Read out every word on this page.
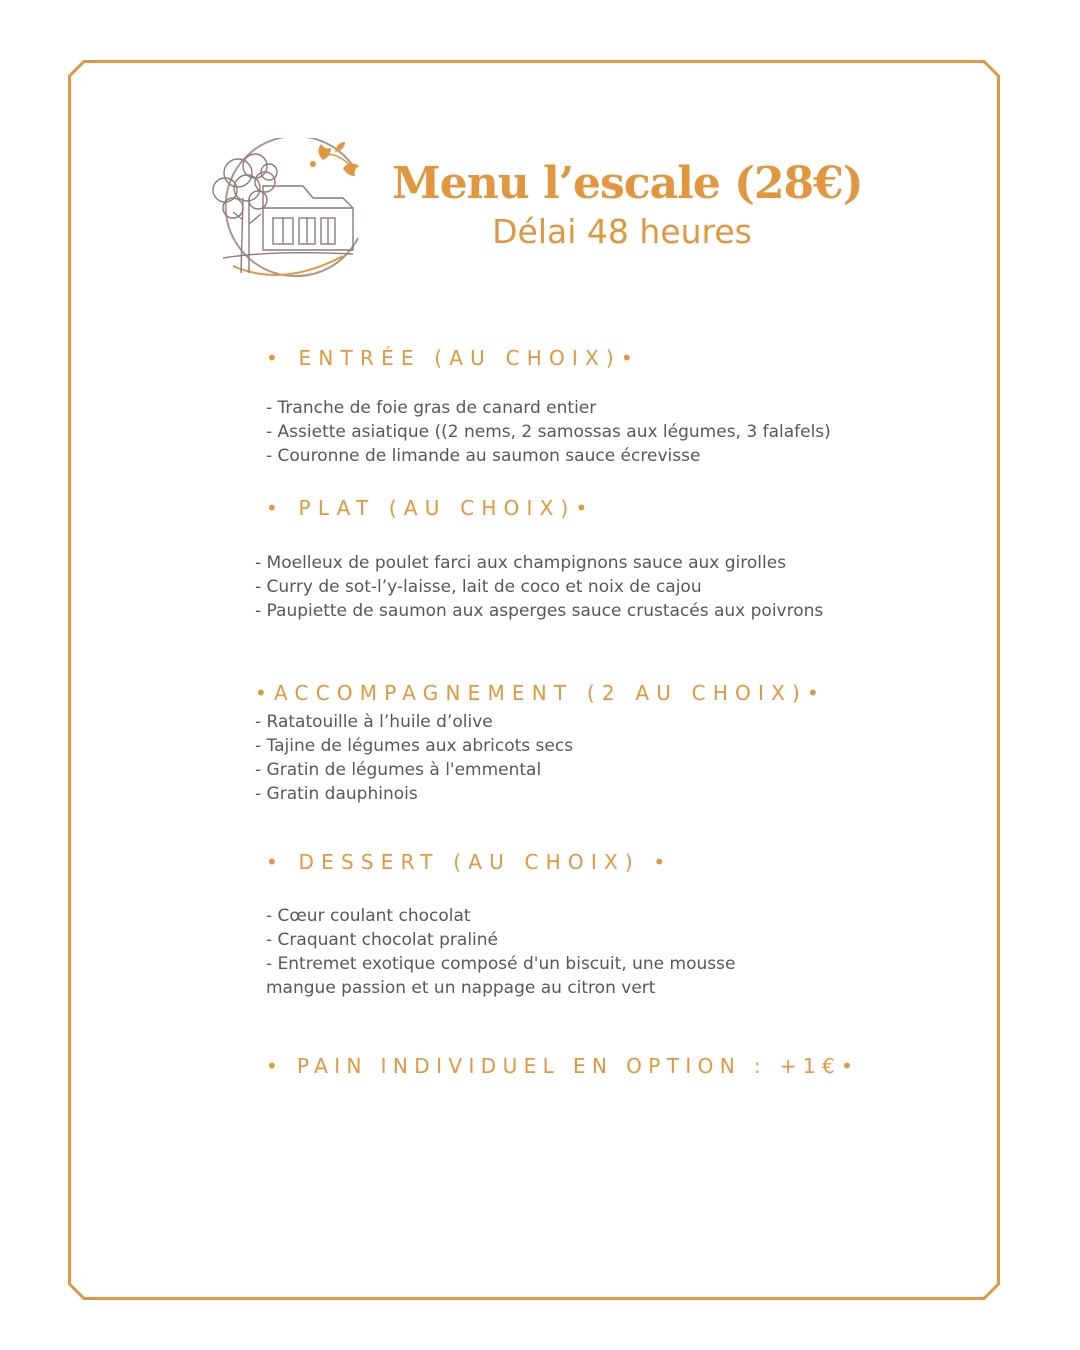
Menu l’escale (28€)
Délai 48 heures
• ENTRÉE (AU CHOIX)•
- Tranche de foie gras de canard entier
- Assiette asiatique ((2 nems, 2 samossas aux légumes, 3 falafels)
- Couronne de limande au saumon sauce écrevisse
• PLAT (AU CHOIX)•
- Moelleux de poulet farci aux champignons sauce aux girolles
- Curry de sot-l’y-laisse, lait de coco et noix de cajou
- Paupiette de saumon aux asperges sauce crustacés aux poivrons
•ACCOMPAGNEMENT (2 AU CHOIX)•
- Ratatouille à l’huile d’olive
- Tajine de légumes aux abricots secs
- Gratin de légumes à l'emmental
- Gratin dauphinois
• DESSERT (AU CHOIX) •
- Cœur coulant chocolat
- Craquant chocolat praliné
- Entremet exotique composé d'un biscuit, une mousse
mangue passion et un nappage au citron vert
• PAIN INDIVIDUEL EN OPTION : +1€•
